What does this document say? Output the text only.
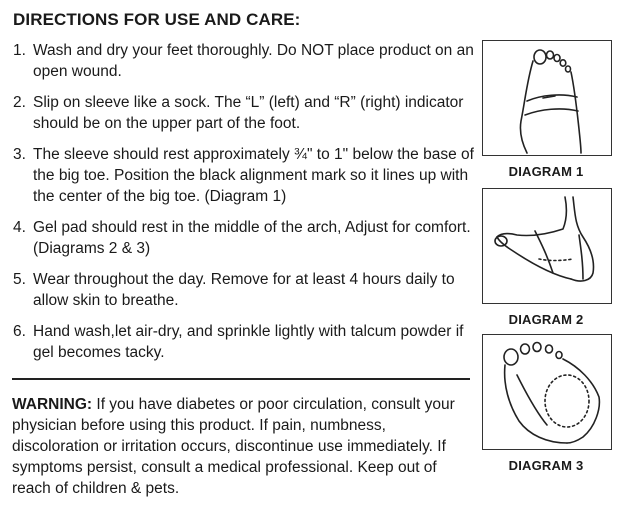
DIRECTIONS FOR USE AND CARE:
1. Wash and dry your feet thoroughly. Do NOT place product on an open wound.
2. Slip on sleeve like a sock. The “L” (left) and “R” (right) indicator should be on the upper part of the foot.
3. The sleeve should rest approximately ¾" to 1" below the base of the big toe. Position the black alignment mark so it lines up with the center of the big toe. (Diagram 1)
4. Gel pad should rest in the middle of the arch, Adjust for comfort. (Diagrams 2 & 3)
5. Wear throughout the day. Remove for at least 4 hours daily to allow skin to breathe.
6. Hand wash,let air-dry, and sprinkle lightly with talcum powder if gel becomes tacky.
WARNING: If you have diabetes or poor circulation, consult your physician before using this product. If pain, numbness, discoloration or irritation occurs, discontinue use immediately. If symptoms persist, consult a medical professional. Keep out of reach of children & pets.
DIAGRAM 1
DIAGRAM 2
DIAGRAM 3
